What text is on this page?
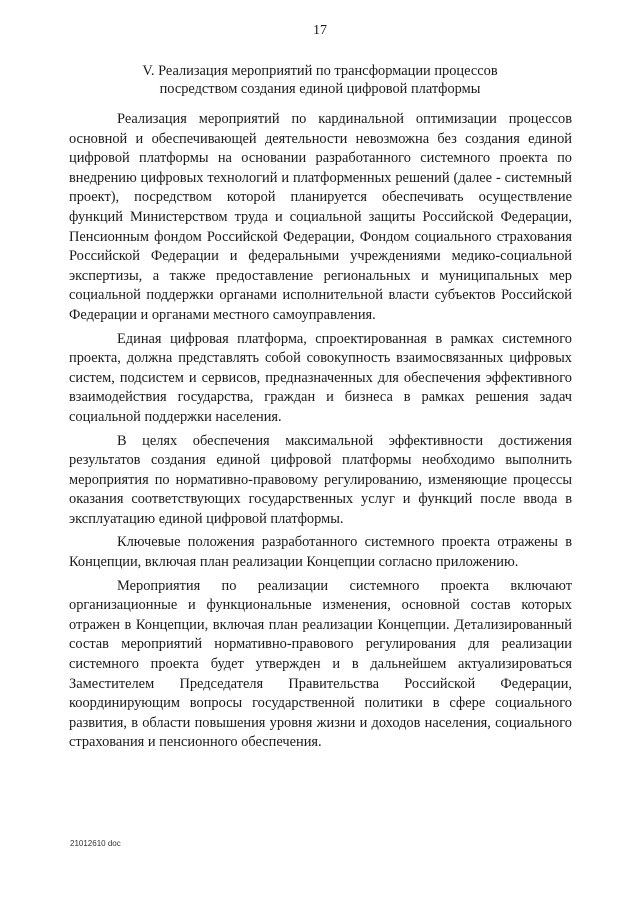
17
V. Реализация мероприятий по трансформации процессов
посредством создания единой цифровой платформы

Реализация мероприятий по кардинальной оптимизации процессов основной и обеспечивающей деятельности невозможна без создания единой цифровой платформы на основании разработанного системного проекта по внедрению цифровых технологий и платформенных решений (далее - системный проект), посредством которой планируется обеспечивать осуществление функций Министерством труда и социальной защиты Российской Федерации, Пенсионным фондом Российской Федерации, Фондом социального страхования Российской Федерации и федеральными учреждениями медико-социальной экспертизы, а также предоставление региональных и муниципальных мер социальной поддержки органами исполнительной власти субъектов Российской Федерации и органами местного самоуправления.

Единая цифровая платформа, спроектированная в рамках системного проекта, должна представлять собой совокупность взаимосвязанных цифровых систем, подсистем и сервисов, предназначенных для обеспечения эффективного взаимодействия государства, граждан и бизнеса в рамках решения задач социальной поддержки населения.

В целях обеспечения максимальной эффективности достижения результатов создания единой цифровой платформы необходимо выполнить мероприятия по нормативно-правовому регулированию, изменяющие процессы оказания соответствующих государственных услуг и функций после ввода в эксплуатацию единой цифровой платформы.

Ключевые положения разработанного системного проекта отражены в Концепции, включая план реализации Концепции согласно приложению.

Мероприятия по реализации системного проекта включают организационные и функциональные изменения, основной состав которых отражен в Концепции, включая план реализации Концепции. Детализированный состав мероприятий нормативно-правового регулирования для реализации системного проекта будет утвержден и в дальнейшем актуализироваться Заместителем Председателя Правительства Российской Федерации, координирующим вопросы государственной политики в сфере социального развития, в области повышения уровня жизни и доходов населения, социального страхования и пенсионного обеспечения.

21012610 doc
